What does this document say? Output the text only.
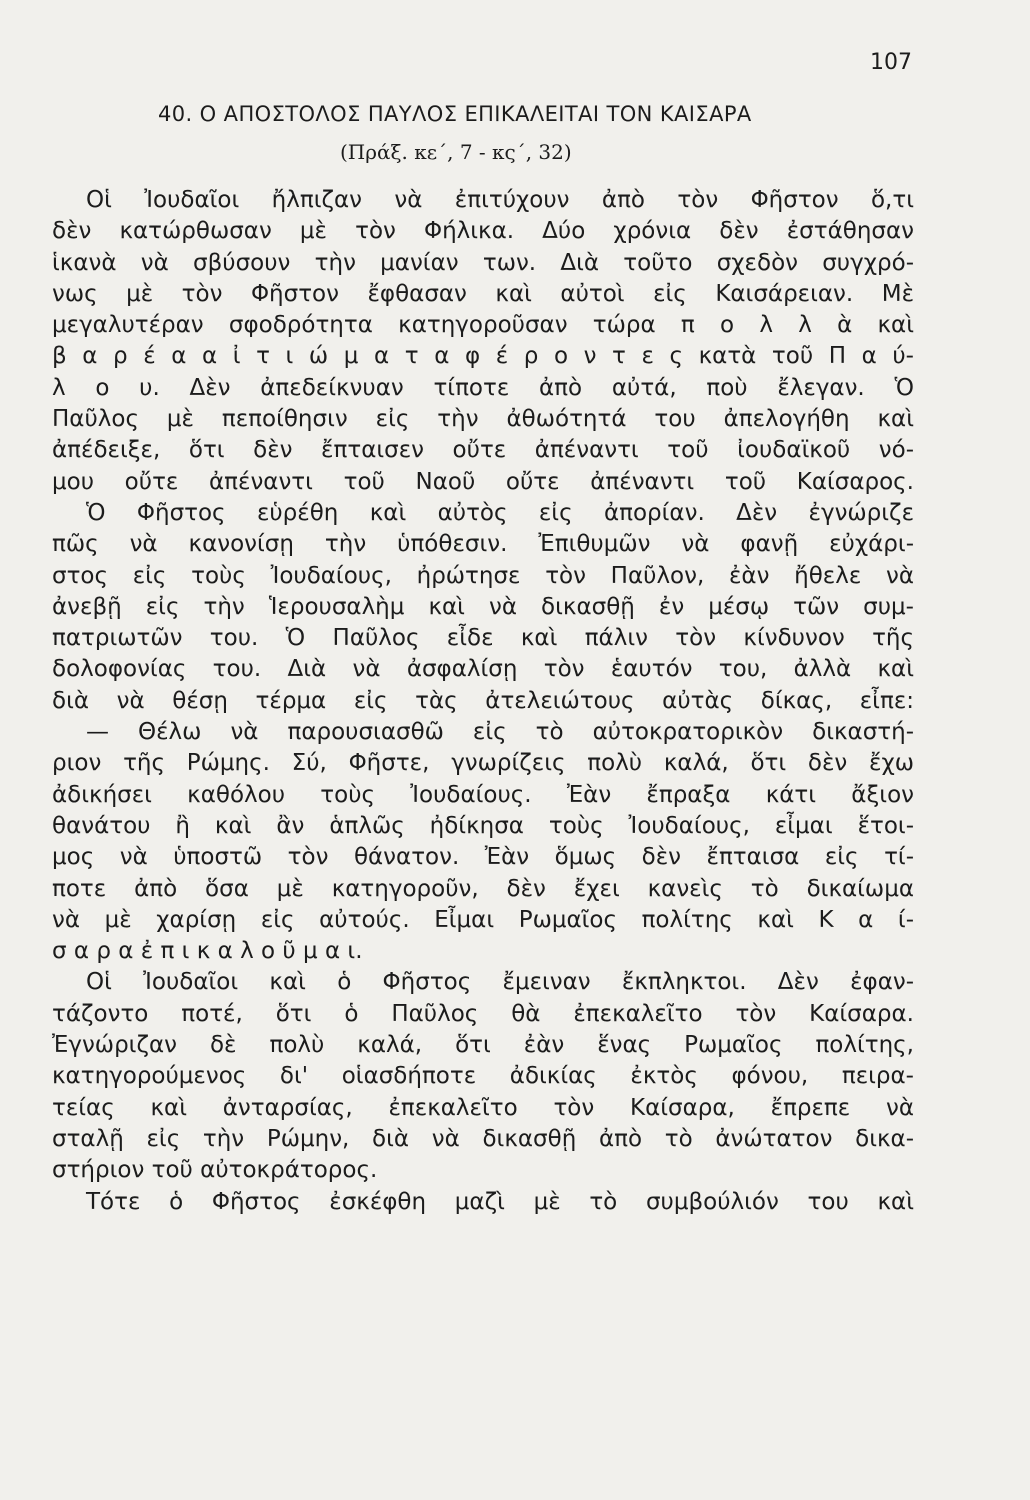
107
40. Ο ΑΠΟΣΤΟΛΟΣ ΠΑΥΛΟΣ ΕΠΙΚΑΛΕΙΤΑΙ ΤΟΝ ΚΑΙΣΑΡΑ
(Πράξ. κε΄, 7 - κς΄, 32)
Οἱ Ἰουδαῖοι ἤλπιζαν νὰ ἐπιτύχουν ἀπὸ τὸν Φῆστον ὅ,τι
δὲν κατώρθωσαν μὲ τὸν Φήλικα. Δύο χρόνια δὲν ἐστάθησαν
ἱκανὰ νὰ σβύσουν τὴν μανίαν των. Διὰ τοῦτο σχεδὸν συγχρό-
νως μὲ τὸν Φῆστον ἔφθασαν καὶ αὐτοὶ εἰς Καισάρειαν. Μὲ
μεγαλυτέραν σφοδρότητα κατηγοροῦσαν τώρα π ο λ λ ὰ καὶ
β α ρ έ α α ἰ τ ι ώ μ α τ α φ έ ρ ο ν τ ε ς κατὰ τοῦ Π α ύ-
λ ο υ. Δὲν ἀπεδείκνυαν τίποτε ἀπὸ αὐτά, ποὺ ἔλεγαν. Ὁ
Παῦλος μὲ πεποίθησιν εἰς τὴν ἀθωότητά του ἀπελογήθη καὶ
ἀπέδειξε, ὅτι δὲν ἔπταισεν οὔτε ἀπέναντι τοῦ ἰουδαϊκοῦ νό-
μου οὔτε ἀπέναντι τοῦ Ναοῦ οὔτε ἀπέναντι τοῦ Καίσαρος.
Ὁ Φῆστος εὑρέθη καὶ αὐτὸς εἰς ἀπορίαν. Δὲν ἐγνώριζε
πῶς νὰ κανονίσῃ τὴν ὑπόθεσιν. Ἐπιθυμῶν νὰ φανῇ εὐχάρι-
στος εἰς τοὺς Ἰουδαίους, ἠρώτησε τὸν Παῦλον, ἐὰν ἤθελε νὰ
ἀνεβῇ εἰς τὴν Ἱερουσαλὴμ καὶ νὰ δικασθῇ ἐν μέσῳ τῶν συμ-
πατριωτῶν του. Ὁ Παῦλος εἶδε καὶ πάλιν τὸν κίνδυνον τῆς
δολοφονίας του. Διὰ νὰ ἀσφαλίσῃ τὸν ἑαυτόν του, ἀλλὰ καὶ
διὰ νὰ θέσῃ τέρμα εἰς τὰς ἀτελειώτους αὐτὰς δίκας, εἶπε:
— Θέλω νὰ παρουσιασθῶ εἰς τὸ αὐτοκρατορικὸν δικαστή-
ριον τῆς Ρώμης. Σύ, Φῆστε, γνωρίζεις πολὺ καλά, ὅτι δὲν ἔχω
ἀδικήσει καθόλου τοὺς Ἰουδαίους. Ἐὰν ἔπραξα κάτι ἄξιον
θανάτου ἢ καὶ ἂν ἁπλῶς ἠδίκησα τοὺς Ἰουδαίους, εἶμαι ἕτοι-
μος νὰ ὑποστῶ τὸν θάνατον. Ἐὰν ὅμως δὲν ἔπταισα εἰς τί-
ποτε ἀπὸ ὅσα μὲ κατηγοροῦν, δὲν ἔχει κανεὶς τὸ δικαίωμα
νὰ μὲ χαρίσῃ εἰς αὐτούς. Εἶμαι Ρωμαῖος πολίτης καὶ Κ α ί-
σ α ρ α ἐ π ι κ α λ ο ῦ μ α ι.
Οἱ Ἰουδαῖοι καὶ ὁ Φῆστος ἔμειναν ἔκπληκτοι. Δὲν ἐφαν-
τάζοντο ποτέ, ὅτι ὁ Παῦλος θὰ ἐπεκαλεῖτο τὸν Καίσαρα.
Ἐγνώριζαν δὲ πολὺ καλά, ὅτι ἐὰν ἕνας Ρωμαῖος πολίτης,
κατηγορούμενος δι' οἱασδήποτε ἀδικίας ἐκτὸς φόνου, πειρα-
τείας καὶ ἀνταρσίας, ἐπεκαλεῖτο τὸν Καίσαρα, ἔπρεπε νὰ
σταλῇ εἰς τὴν Ρώμην, διὰ νὰ δικασθῇ ἀπὸ τὸ ἀνώτατον δικα-
στήριον τοῦ αὐτοκράτορος.
Τότε ὁ Φῆστος ἐσκέφθη μαζὶ μὲ τὸ συμβούλιόν του καὶ
